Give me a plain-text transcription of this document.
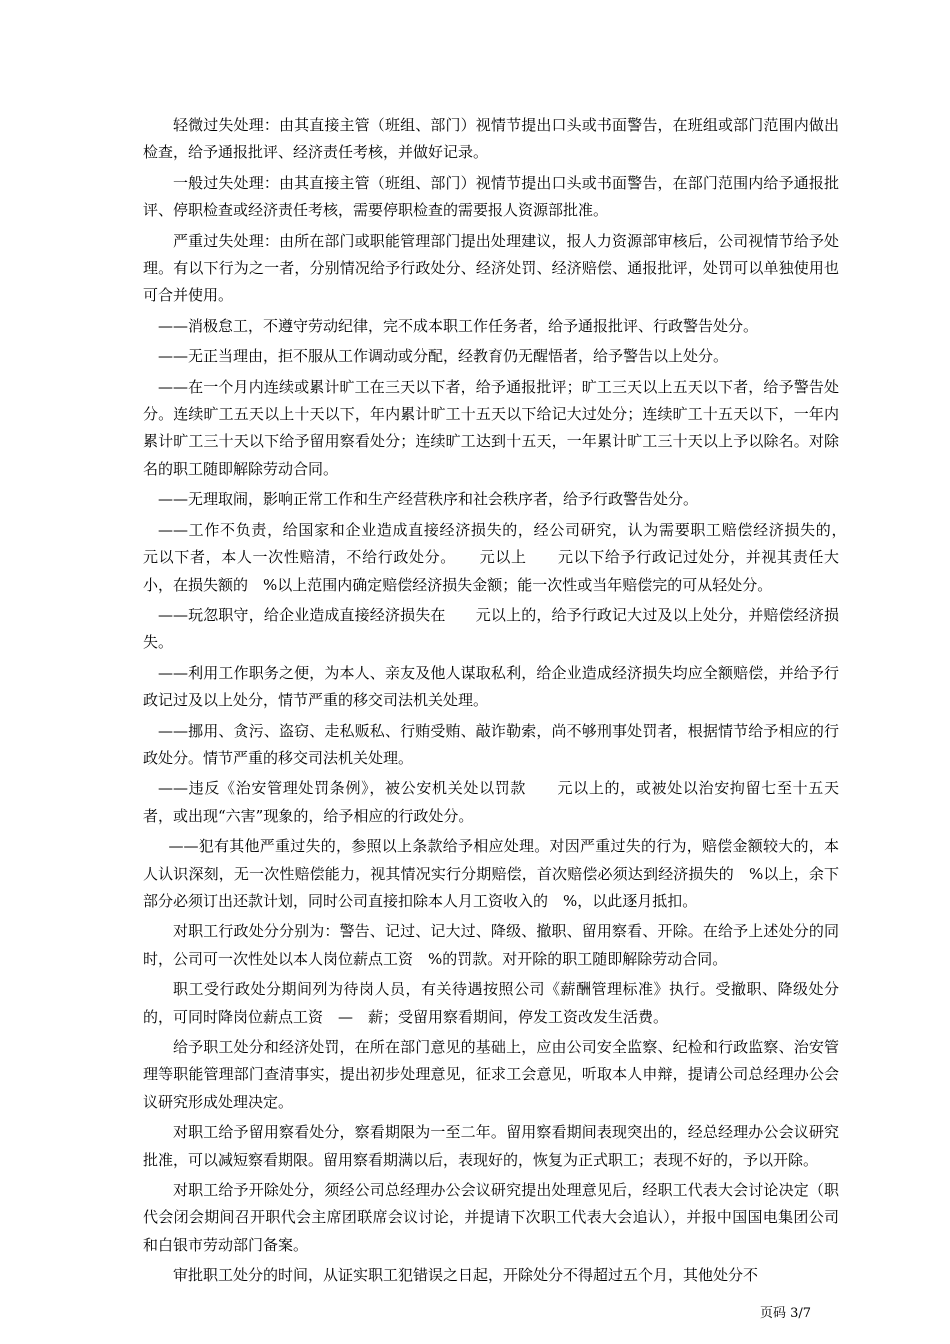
轻微过失处理：由其直接主管（班组、部门）视情节提出口头或书面警告，在班组或部门范围内做出检查，给予通报批评、经济责任考核，并做好记录。

一般过失处理：由其直接主管（班组、部门）视情节提出口头或书面警告，在部门范围内给予通报批评、停职检查或经济责任考核，需要停职检查的需要报人资源部批准。

严重过失处理：由所在部门或职能管理部门提出处理建议，报人力资源部审核后，公司视情节给予处理。有以下行为之一者，分别情况给予行政处分、经济处罚、经济赔偿、通报批评，处罚可以单独使用也可合并使用。

——消极怠工，不遵守劳动纪律，完不成本职工作任务者，给予通报批评、行政警告处分。

——无正当理由，拒不服从工作调动或分配，经教育仍无醒悟者，给予警告以上处分。

——在一个月内连续或累计旷工在三天以下者，给予通报批评；旷工三天以上五天以下者，给予警告处分。连续旷工五天以上十天以下，年内累计旷工十五天以下给记大过处分；连续旷工十五天以下，一年内累计旷工三十天以下给予留用察看处分；连续旷工达到十五天，一年累计旷工三十天以上予以除名。对除名的职工随即解除劳动合同。

——无理取闹，影响正常工作和生产经营秩序和社会秩序者，给予行政警告处分。

——工作不负责，给国家和企业造成直接经济损失的，经公司研究，认为需要职工赔偿经济损失的，　　元以下者，本人一次性赔清，不给行政处分。　　元以上　　元以下给予行政记过处分，并视其责任大小，在损失额的　%以上范围内确定赔偿经济损失金额；能一次性或当年赔偿完的可从轻处分。

——玩忽职守，给企业造成直接经济损失在　　元以上的，给予行政记大过及以上处分，并赔偿经济损失。

——利用工作职务之便，为本人、亲友及他人谋取私利，给企业造成经济损失均应全额赔偿，并给予行政记过及以上处分，情节严重的移交司法机关处理。

——挪用、贪污、盗窃、走私贩私、行贿受贿、敲诈勒索，尚不够刑事处罚者，根据情节给予相应的行政处分。情节严重的移交司法机关处理。

——违反《治安管理处罚条例》，被公安机关处以罚款　　元以上的，或被处以治安拘留七至十五天者，或出现“六害”现象的，给予相应的行政处分。

——犯有其他严重过失的，参照以上条款给予相应处理。对因严重过失的行为，赔偿金额较大的，本人认识深刻，无一次性赔偿能力，视其情况实行分期赔偿，首次赔偿必须达到经济损失的　%以上，余下部分必须订出还款计划，同时公司直接扣除本人月工资收入的　%，以此逐月抵扣。

对职工行政处分分别为：警告、记过、记大过、降级、撤职、留用察看、开除。在给予上述处分的同时，公司可一次性处以本人岗位薪点工资　%的罚款。对开除的职工随即解除劳动合同。

职工受行政处分期间列为待岗人员，有关待遇按照公司《薪酬管理标准》执行。受撤职、降级处分的，可同时降岗位薪点工资　—　薪；受留用察看期间，停发工资改发生活费。

给予职工处分和经济处罚，在所在部门意见的基础上，应由公司安全监察、纪检和行政监察、治安管理等职能管理部门查清事实，提出初步处理意见，征求工会意见，听取本人申辩，提请公司总经理办公会议研究形成处理决定。

对职工给予留用察看处分，察看期限为一至二年。留用察看期间表现突出的，经总经理办公会议研究批准，可以减短察看期限。留用察看期满以后，表现好的，恢复为正式职工；表现不好的，予以开除。

对职工给予开除处分，须经公司总经理办公会议研究提出处理意见后，经职工代表大会讨论决定（职代会闭会期间召开职代会主席团联席会议讨论，并提请下次职工代表大会追认），并报中国国电集团公司和白银市劳动部门备案。

审批职工处分的时间，从证实职工犯错误之日起，开除处分不得超过五个月，其他处分不

页码 3/7
